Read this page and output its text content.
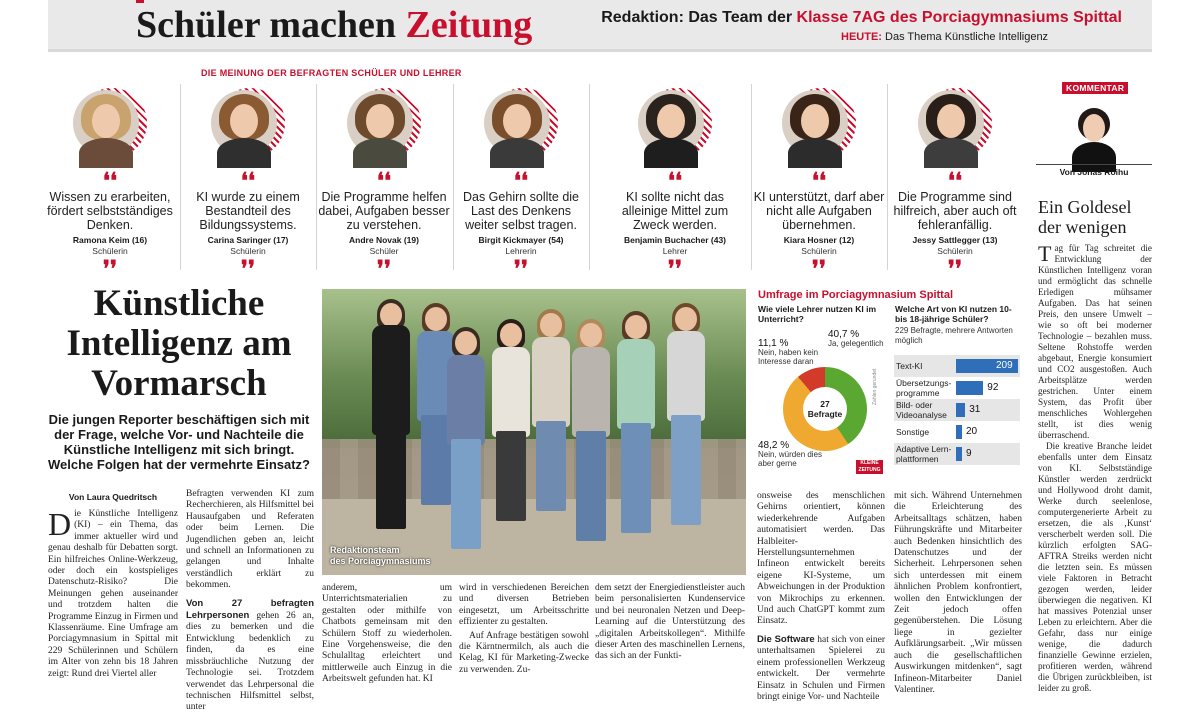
Schüler machen Zeitung	Redaktion: Das Team der Klasse 7AG des Porciagymnasiums Spittal
HEUTE: Das Thema Künstliche Intelligenz
DIE MEINUNG DER BEFRAGTEN SCHÜLER UND LEHRER
❛❛
Wissen zu erarbeiten, fördert selbstständiges Denken.
Ramona Keim (16)
Schülerin
❜❜
❛❛
KI wurde zu einem Bestandteil des Bildungssystems.
Carina Saringer (17)
Schülerin
❜❜
❛❛
Die Programme helfen dabei, Aufgaben besser zu verstehen.
Andre Novak (19)
Schüler
❜❜
❛❛
Das Gehirn sollte die Last des Denkens weiter selbst tragen.
Birgit Kickmayer (54)
Lehrerin
❜❜
❛❛
KI sollte nicht das alleinige Mittel zum Zweck werden.
Benjamin Buchacher (43)
Lehrer
❜❜
❛❛
KI unterstützt, darf aber nicht alle Aufgaben übernehmen.
Kiara Hosner (12)
Schülerin
❜❜
❛❛
Die Programme sind hilfreich, aber auch oft fehleranfällig.
Jessy Sattlegger (13)
Schülerin
❜❜
Künstliche Intelligenz am Vormarsch
Die jungen Reporter beschäftigen sich mit der Frage, welche Vor- und Nachteile die Künstliche Intelligenz mit sich bringt. Welche Folgen hat der vermehrte Einsatz?
Von Laura Quedritsch
Die Künstliche Intelligenz (KI) – ein Thema, das immer aktueller wird und genau deshalb für Debatten sorgt. Ein hilfreiches Online-Werkzeug, oder doch ein kostspieliges Datenschutz-Risiko? Die Meinungen gehen auseinander und trotzdem halten die Programme Einzug in Firmen und Klassenräume. Eine Umfrage am Porciagymnasium in Spittal mit 229 Schülerinnen und Schülern im Alter von zehn bis 18 Jahren zeigt: Rund drei Viertel aller

Befragten verwenden KI zum Recherchieren, als Hilfsmittel bei Hausaufgaben und Referaten oder beim Lernen. Die Jugendlichen geben an, leicht und schnell an Informationen zu gelangen und Inhalte verständlich erklärt zu bekommen.

Von 27 befragten Lehrpersonen gehen 26 an, dies zu bemerken und die Entwicklung bedenklich zu finden, da es eine missbräuchliche Nutzung der Technologie sei. Trotzdem verwendet das Lehrpersonal die technischen Hilfsmittel selbst, unter

anderem, um Unterrichtsmaterialien zu gestalten oder mithilfe von Chatbots gemeinsam mit den Schülern Stoff zu wiederholen. Eine Vorgehensweise, die den Schulalltag erleichtert und mittlerweile auch Einzug in die Arbeitswelt gefunden hat. KI

wird in verschiedenen Bereichen und diversen Betrieben eingesetzt, um Arbeitsschritte effizienter zu gestalten.

Auf Anfrage bestätigen sowohl die Kärntnermilch, als auch die Kelag, KI für Marketing-Zwecke zu verwenden. Zu-

dem setzt der Energiedienstleister auch beim personalisierten Kundenservice und bei neuronalen Netzen und Deep-Learning auf die Unterstützung des „digitalen Arbeitskollegen“. Mithilfe dieser Arten des maschinellen Lernens, das sich an der Funkti-

onsweise des menschlichen Gehirns orientiert, können wiederkehrende Aufgaben automatisiert werden. Das Halbleiter-Herstellungsunternehmen Infineon entwickelt bereits eigene KI-Systeme, um Abweichungen in der Produktion von Mikrochips zu erkennen. Und auch ChatGPT kommt zum Einsatz.

Die Software hat sich von einer unterhaltsamen Spielerei zu einem professionellen Werkzeug entwickelt. Der vermehrte Einsatz in Schulen und Firmen bringt einige Vor- und Nachteile

mit sich. Während Unternehmen die Erleichterung des Arbeitsalltags schätzen, haben Führungskräfte und Mitarbeiter auch Bedenken hinsichtlich des Datenschutzes und der Sicherheit. Lehrpersonen sehen sich unterdessen mit einem ähnlichen Problem konfrontiert, wollen den Entwicklungen der Zeit jedoch offen gegenüberstehen. Die Lösung liege in gezielter Aufklärungsarbeit. „Wir müssen auch die gesellschaftlichen Auswirkungen mitdenken“, sagt Infineon-Mitarbeiter Daniel Valentiner.
Redaktionsteam
des Porciagymnasiums
Umfrage im Porciagymnasium Spittal
Wie viele Lehrer nutzen KI im Unterricht?
40,7 %
Ja, gelegentlich
11,1 %
Nein, haben kein Interesse daran
27
Befragte
Zahlen gerundet
48,2 %
Nein, würden dies aber gerne	KLEINE
ZEITUNG
Welche Art von KI nutzen 10- bis 18-jährige Schüler?
229 Befragte, mehrere Antworten möglich
Text-KI	209
Übersetzungs-programme	92
Bild- oder Videoanalyse	31
Sonstige	20
Adaptive Lern-plattformen	9
KOMMENTAR
Von Jonas Roihu
Ein Goldesel der wenigen
Tag für Tag schreitet die Entwicklung der Künstlichen Intelligenz voran und ermöglicht das schnelle Erledigen mühsamer Aufgaben. Das hat seinen Preis, den unsere Umwelt – wie so oft bei moderner Technologie – bezahlen muss. Seltene Rohstoffe werden abgebaut, Energie konsumiert und CO2 ausgestoßen. Auch Arbeitsplätze werden gestrichen. Unter einem System, das Profit über menschliches Wohlergehen stellt, ist dies wenig überraschend.

Die kreative Branche leidet ebenfalls unter dem Einsatz von KI. Selbstständige Künstler werden zerdrückt und Hollywood droht damit, Werke durch seelenlose, computergenerierte Arbeit zu ersetzen, die als ‚Kunst‘ verscherbelt werden soll. Die kürzlich erfolgten SAG-AFTRA Streiks werden nicht die letzten sein. Es müssen viele Faktoren in Betracht gezogen werden, leider überwiegen die negativen. KI hat massives Potenzial unser Leben zu erleichtern. Aber die Gefahr, dass nur einige wenige, die dadurch finanzielle Gewinne erzielen, profitieren werden, während die Übrigen zurückbleiben, ist leider zu groß.
